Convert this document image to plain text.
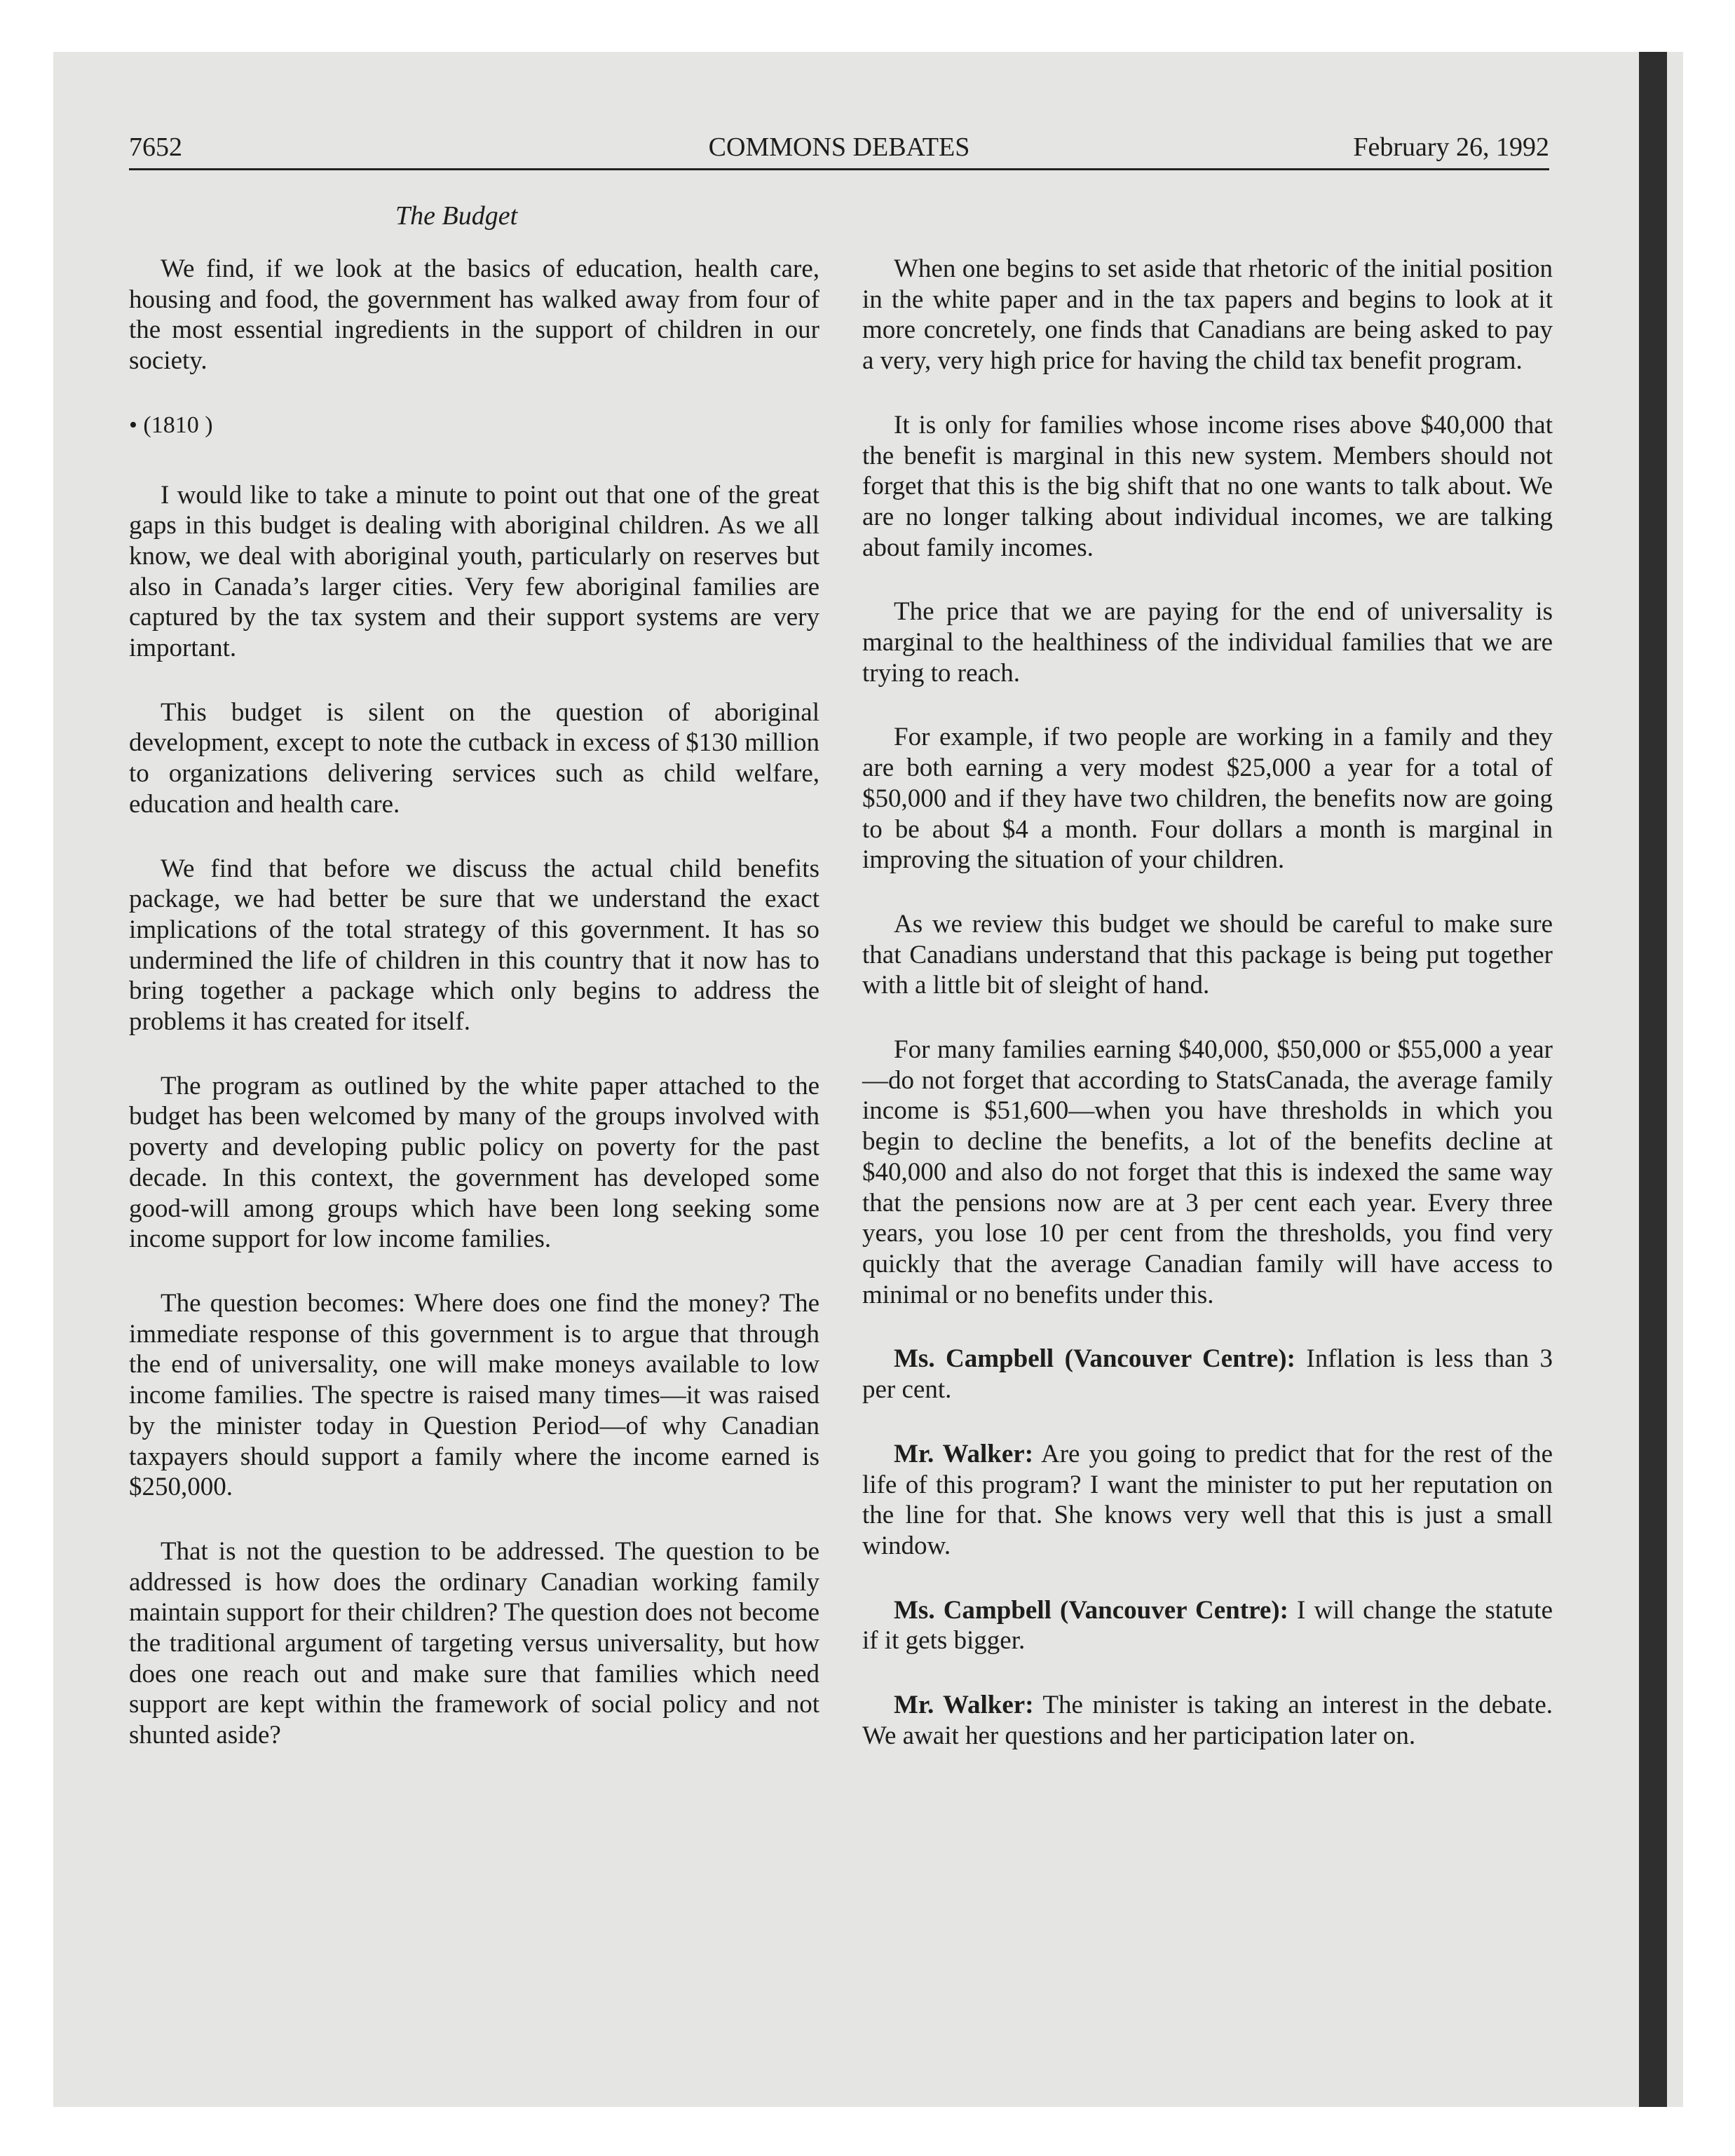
7652	COMMONS DEBATES	February 26, 1992
The Budget

We find, if we look at the basics of education, health care, housing and food, the government has walked away from four of the most essential ingredients in the support of children in our society.

• (1810 )

I would like to take a minute to point out that one of the great gaps in this budget is dealing with aboriginal children. As we all know, we deal with aboriginal youth, particularly on reserves but also in Canada’s larger cities. Very few aboriginal families are captured by the tax system and their support systems are very important.

This budget is silent on the question of aboriginal development, except to note the cutback in excess of $130 million to organizations delivering services such as child welfare, education and health care.

We find that before we discuss the actual child benefits package, we had better be sure that we understand the exact implications of the total strategy of this government. It has so undermined the life of children in this country that it now has to bring together a package which only begins to address the problems it has created for itself.

The program as outlined by the white paper attached to the budget has been welcomed by many of the groups involved with poverty and developing public policy on poverty for the past decade. In this context, the government has developed some good-will among groups which have been long seeking some income support for low income families.

The question becomes: Where does one find the money? The immediate response of this government is to argue that through the end of universality, one will make moneys available to low income families. The spectre is raised many times—it was raised by the minister today in Question Period—of why Canadian taxpayers should support a family where the income earned is $250,000.

That is not the question to be addressed. The question to be addressed is how does the ordinary Canadian working family maintain support for their children? The question does not become the traditional argument of targeting versus universality, but how does one reach out and make sure that families which need support are kept within the framework of social policy and not shunted aside?

When one begins to set aside that rhetoric of the initial position in the white paper and in the tax papers and begins to look at it more concretely, one finds that Canadians are being asked to pay a very, very high price for having the child tax benefit program.

It is only for families whose income rises above $40,000 that the benefit is marginal in this new system. Members should not forget that this is the big shift that no one wants to talk about. We are no longer talking about individual incomes, we are talking about family incomes.

The price that we are paying for the end of universality is marginal to the healthiness of the individual families that we are trying to reach.

For example, if two people are working in a family and they are both earning a very modest $25,000 a year for a total of $50,000 and if they have two children, the benefits now are going to be about $4 a month. Four dollars a month is marginal in improving the situation of your children.

As we review this budget we should be careful to make sure that Canadians understand that this package is being put together with a little bit of sleight of hand.

For many families earning $40,000, $50,000 or $55,000 a year—do not forget that according to StatsCanada, the average family income is $51,600—when you have thresholds in which you begin to decline the benefits, a lot of the benefits decline at $40,000 and also do not forget that this is indexed the same way that the pensions now are at 3 per cent each year. Every three years, you lose 10 per cent from the thresholds, you find very quickly that the average Canadian family will have access to minimal or no benefits under this.

Ms. Campbell (Vancouver Centre): Inflation is less than 3 per cent.

Mr. Walker: Are you going to predict that for the rest of the life of this program? I want the minister to put her reputation on the line for that. She knows very well that this is just a small window.

Ms. Campbell (Vancouver Centre): I will change the statute if it gets bigger.

Mr. Walker: The minister is taking an interest in the debate. We await her questions and her participation later on.
